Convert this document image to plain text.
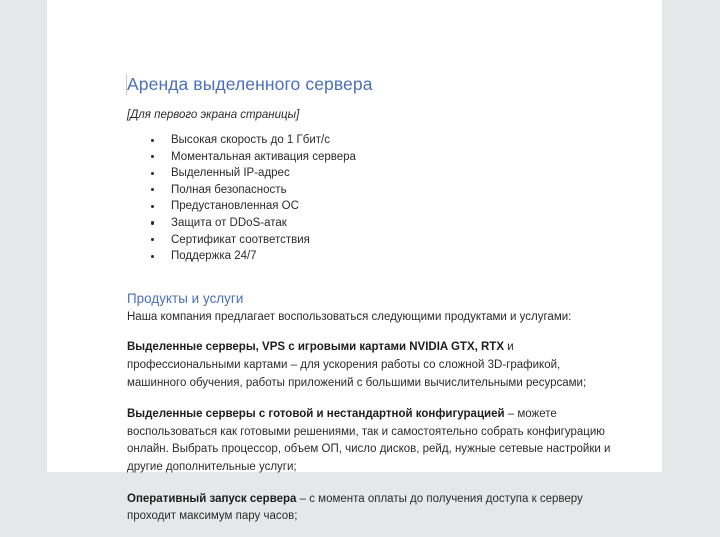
Аренда выделенного сервера
[Для первого экрана страницы]
Высокая скорость до 1 Гбит/с
Моментальная активация сервера
Выделенный IP-адрес
Полная безопасность
Предустановленная ОС
Защита от DDoS-атак
Сертификат соответствия
Поддержка 24/7
Продукты и услуги
Наша компания предлагает воспользоваться следующими продуктами и услугами:

Выделенные серверы, VPS с игровыми картами NVIDIA GTX, RTX и профессиональными картами – для ускорения работы со сложной 3D-графикой, машинного обучения, работы приложений с большими вычислительными ресурсами;

Выделенные серверы с готовой и нестандартной конфигурацией – можете воспользоваться как готовыми решениями, так и самостоятельно собрать конфигурацию онлайн. Выбрать процессор, объем ОП, число дисков, рейд, нужные сетевые настройки и другие дополнительные услуги;

Оперативный запуск сервера – с момента оплаты до получения доступа к серверу проходит максимум пару часов;
